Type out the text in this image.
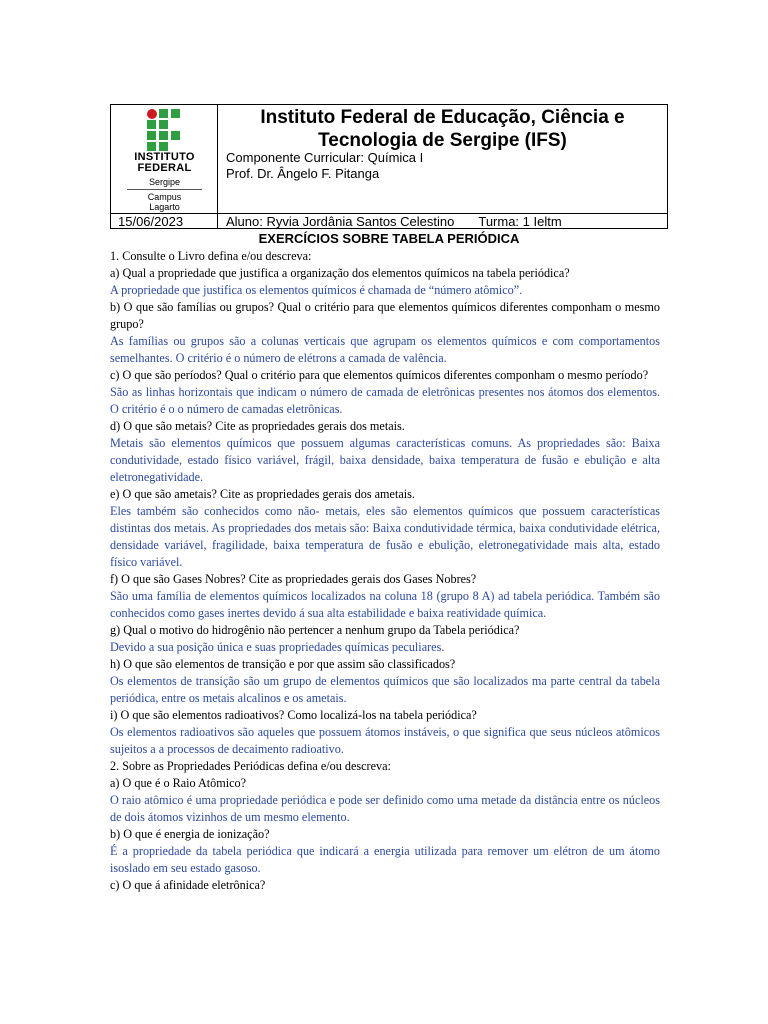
INSTITUTO
FEDERAL
Sergipe
Campus
Lagarto
Instituto Federal de Educação, Ciência e Tecnologia de Sergipe (IFS)
Componente Curricular: Química I
Prof. Dr. Ângelo F. Pitanga
15/06/2023	Aluno: Ryvia Jordânia Santos Celestino Turma: 1 Ieltm
EXERCÍCIOS SOBRE TABELA PERIÓDICA

1. Consulte o Livro defina e/ou descreva:

a) Qual a propriedade que justifica a organização dos elementos químicos na tabela periódica?

A propriedade que justifica os elementos químicos é chamada de “número atômico”.

b) O que são famílias ou grupos? Qual o critério para que elementos químicos diferentes componham o mesmo grupo?

As famílias ou grupos são a colunas verticais que agrupam os elementos químicos e com comportamentos semelhantes. O critério é o número de elétrons a camada de valência.

c) O que são períodos? Qual o critério para que elementos químicos diferentes componham o mesmo período?

São as linhas horizontais que indicam o número de camada de eletrônicas presentes nos átomos dos elementos. O critério é o o número de camadas eletrônicas.

d) O que são metais? Cite as propriedades gerais dos metais.

Metais são elementos químicos que possuem algumas características comuns. As propriedades são: Baixa condutividade, estado físico variável, frágil, baixa densidade, baixa temperatura de fusão e ebulição e alta eletronegatividade.

e) O que são ametais? Cite as propriedades gerais dos ametais.

Eles também são conhecidos como não- metais, eles são elementos químicos que possuem características distintas dos metais. As propriedades dos metais são: Baixa condutividade térmica, baixa condutividade elétrica, densidade variável, fragilidade, baixa temperatura de fusão e ebulição, eletronegatividade mais alta, estado físico variável.

f) O que são Gases Nobres? Cite as propriedades gerais dos Gases Nobres?

São uma família de elementos químicos localizados na coluna 18 (grupo 8 A) ad tabela periódica. Também são conhecidos como gases inertes devido á sua alta estabilidade e baixa reatividade química.

g) Qual o motivo do hidrogênio não pertencer a nenhum grupo da Tabela periódica?

Devido a sua posição única e suas propriedades químicas peculiares.

h) O que são elementos de transição e por que assim são classificados?

Os elementos de transição são um grupo de elementos químicos que são localizados ma parte central da tabela periódica, entre os metais alcalinos e os ametais.

i) O que são elementos radioativos? Como localizá-los na tabela periódica?

Os elementos radioativos são aqueles que possuem átomos instáveis, o que significa que seus núcleos atômicos sujeitos a a processos de decaimento radioativo.

2. Sobre as Propriedades Periódicas defina e/ou descreva:

a) O que é o Raio Atômico?

O raio atômico é uma propriedade periódica e pode ser definido como uma metade da distância entre os núcleos de dois átomos vizinhos de um mesmo elemento.

b) O que é energia de ionização?

É a propriedade da tabela periódica que indicará a energia utilizada para remover um elétron de um átomo isoslado em seu estado gasoso.

c) O que á afinidade eletrônica?
